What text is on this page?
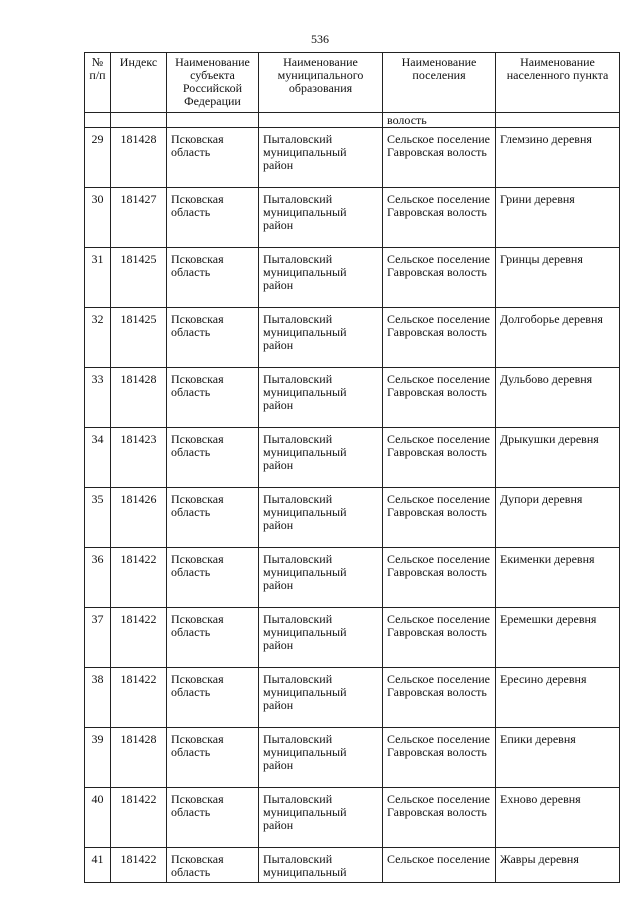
536
№ п/п	Индекс	Наименование субъекта Российской Федерации	Наименование муниципального образования	Наименование поселения	Наименование населенного пункта
				волость	
29	181428	Псковская область	Пыталовский муниципальный район	Сельское поселение Гавровская волость	Глемзино деревня
30	181427	Псковская область	Пыталовский муниципальный район	Сельское поселение Гавровская волость	Грини деревня
31	181425	Псковская область	Пыталовский муниципальный район	Сельское поселение Гавровская волость	Гринцы деревня
32	181425	Псковская область	Пыталовский муниципальный район	Сельское поселение Гавровская волость	Долгоборье деревня
33	181428	Псковская область	Пыталовский муниципальный район	Сельское поселение Гавровская волость	Дульбово деревня
34	181423	Псковская область	Пыталовский муниципальный район	Сельское поселение Гавровская волость	Дрыкушки деревня
35	181426	Псковская область	Пыталовский муниципальный район	Сельское поселение Гавровская волость	Дупори деревня
36	181422	Псковская область	Пыталовский муниципальный район	Сельское поселение Гавровская волость	Екименки деревня
37	181422	Псковская область	Пыталовский муниципальный район	Сельское поселение Гавровская волость	Еремешки деревня
38	181422	Псковская область	Пыталовский муниципальный район	Сельское поселение Гавровская волость	Ересино деревня
39	181428	Псковская область	Пыталовский муниципальный район	Сельское поселение Гавровская волость	Епики деревня
40	181422	Псковская область	Пыталовский муниципальный район	Сельское поселение Гавровская волость	Ехново деревня
41	181422	Псковская область	Пыталовский муниципальный	Сельское поселение	Жавры деревня
